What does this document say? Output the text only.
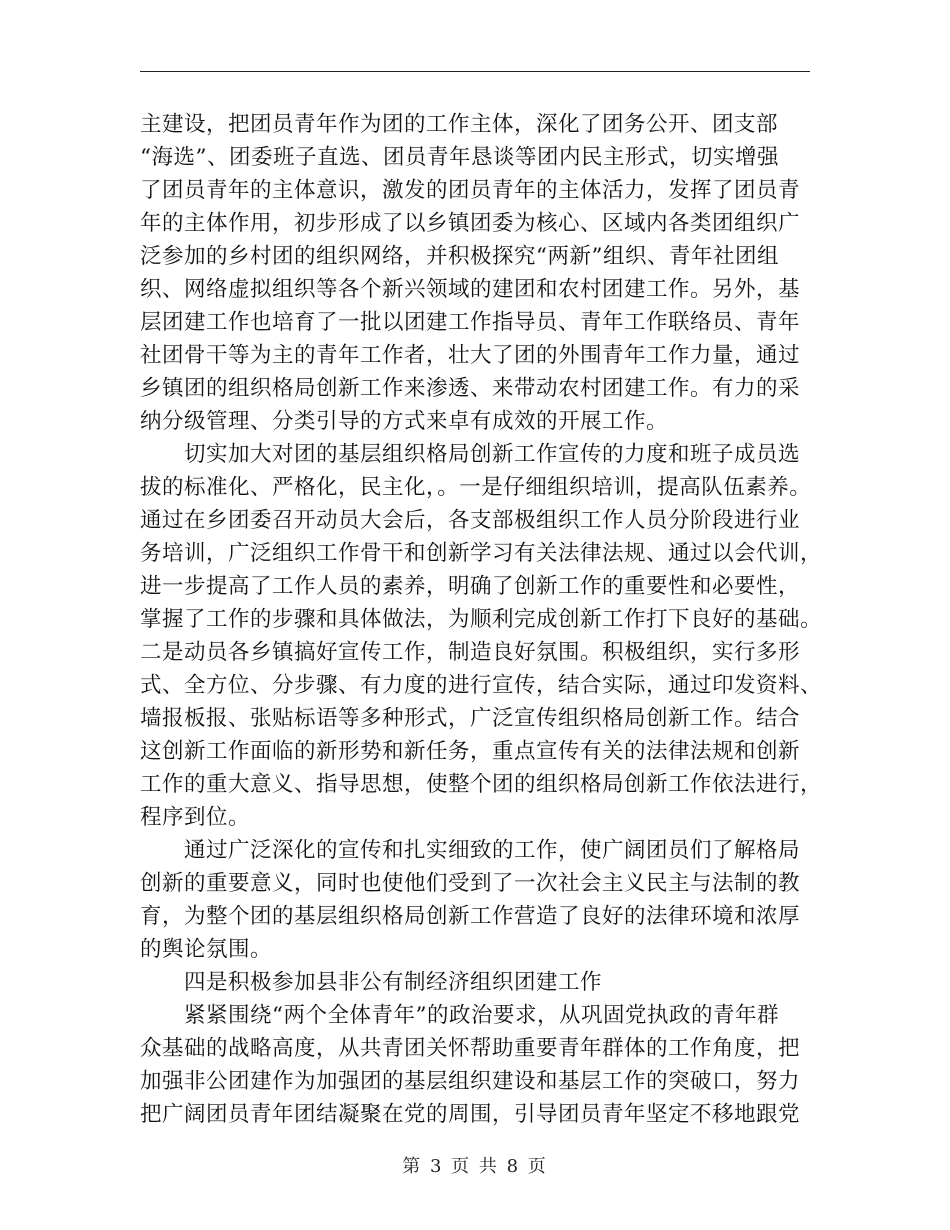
主建设，把团员青年作为团的工作主体，深化了团务公开、团支部
“海选”、团委班子直选、团员青年恳谈等团内民主形式，切实增强
了团员青年的主体意识，激发的团员青年的主体活力，发挥了团员青
年的主体作用，初步形成了以乡镇团委为核心、区域内各类团组织广
泛参加的乡村团的组织网络，并积极探究“两新”组织、青年社团组
织、网络虚拟组织等各个新兴领域的建团和农村团建工作。另外，基
层团建工作也培育了一批以团建工作指导员、青年工作联络员、青年
社团骨干等为主的青年工作者，壮大了团的外围青年工作力量，通过
乡镇团的组织格局创新工作来渗透、来带动农村团建工作。有力的采
纳分级管理、分类引导的方式来卓有成效的开展工作。
切实加大对团的基层组织格局创新工作宣传的力度和班子成员选
拔的标准化、严格化，民主化，。一是仔细组织培训，提高队伍素养。
通过在乡团委召开动员大会后，各支部极组织工作人员分阶段进行业
务培训，广泛组织工作骨干和创新学习有关法律法规、通过以会代训，
进一步提高了工作人员的素养，明确了创新工作的重要性和必要性，
掌握了工作的步骤和具体做法，为顺利完成创新工作打下良好的基础。
二是动员各乡镇搞好宣传工作，制造良好氛围。积极组织，实行多形
式、全方位、分步骤、有力度的进行宣传，结合实际，通过印发资料、
墙报板报、张贴标语等多种形式，广泛宣传组织格局创新工作。结合
这创新工作面临的新形势和新任务，重点宣传有关的法律法规和创新
工作的重大意义、指导思想，使整个团的组织格局创新工作依法进行，
程序到位。
通过广泛深化的宣传和扎实细致的工作，使广阔团员们了解格局
创新的重要意义，同时也使他们受到了一次社会主义民主与法制的教
育，为整个团的基层组织格局创新工作营造了良好的法律环境和浓厚
的舆论氛围。
四是积极参加县非公有制经济组织团建工作
紧紧围绕“两个全体青年”的政治要求，从巩固党执政的青年群
众基础的战略高度，从共青团关怀帮助重要青年群体的工作角度，把
加强非公团建作为加强团的基层组织建设和基层工作的突破口，努力
把广阔团员青年团结凝聚在党的周围，引导团员青年坚定不移地跟党
第 3 页 共 8 页
